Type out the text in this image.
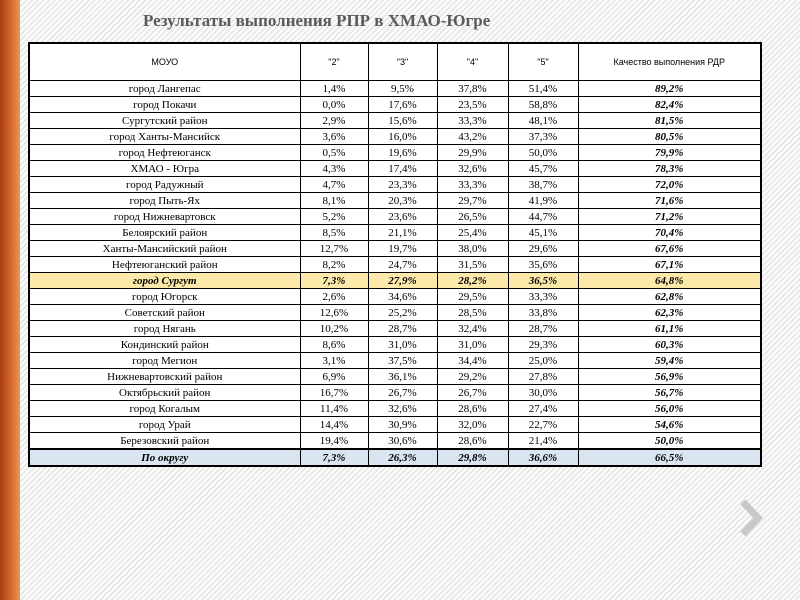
Результаты выполнения РПР в ХМАО-Югре
МОУО	"2"	"3"	"4"	"5"	Качество выполнения РДР
город Лангепас	1,4%	9,5%	37,8%	51,4%	89,2%
город Покачи	0,0%	17,6%	23,5%	58,8%	82,4%
Сургутский район	2,9%	15,6%	33,3%	48,1%	81,5%
город Ханты-Мансийск	3,6%	16,0%	43,2%	37,3%	80,5%
город Нефтеюганск	0,5%	19,6%	29,9%	50,0%	79,9%
ХМАО - Югра	4,3%	17,4%	32,6%	45,7%	78,3%
город Радужный	4,7%	23,3%	33,3%	38,7%	72,0%
город Пыть-Ях	8,1%	20,3%	29,7%	41,9%	71,6%
город Нижневартовск	5,2%	23,6%	26,5%	44,7%	71,2%
Белоярский район	8,5%	21,1%	25,4%	45,1%	70,4%
Ханты-Мансийский район	12,7%	19,7%	38,0%	29,6%	67,6%
Нефтеюганский район	8,2%	24,7%	31,5%	35,6%	67,1%
город Сургут	7,3%	27,9%	28,2%	36,5%	64,8%
город Югорск	2,6%	34,6%	29,5%	33,3%	62,8%
Советский район	12,6%	25,2%	28,5%	33,8%	62,3%
город Нягань	10,2%	28,7%	32,4%	28,7%	61,1%
Кондинский район	8,6%	31,0%	31,0%	29,3%	60,3%
город Мегион	3,1%	37,5%	34,4%	25,0%	59,4%
Нижневартовский район	6,9%	36,1%	29,2%	27,8%	56,9%
Октябрьский район	16,7%	26,7%	26,7%	30,0%	56,7%
город Когалым	11,4%	32,6%	28,6%	27,4%	56,0%
город Урай	14,4%	30,9%	32,0%	22,7%	54,6%
Березовский район	19,4%	30,6%	28,6%	21,4%	50,0%
По округу	7,3%	26,3%	29,8%	36,6%	66,5%
